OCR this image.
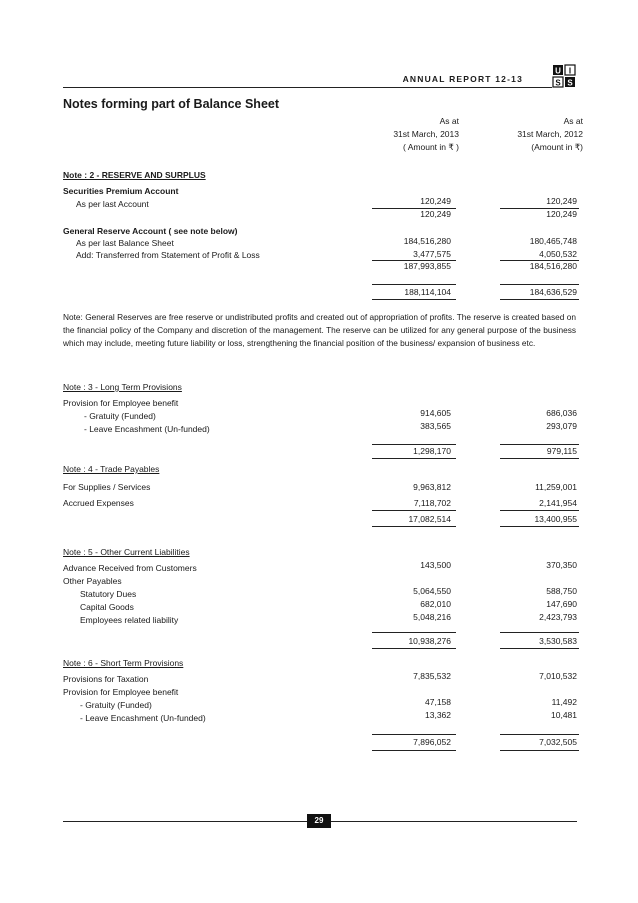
ANNUAL REPORT 12-13
U I
S S
Notes forming part of Balance Sheet
As at
31st March, 2013
( Amount in ₹ )
As at
31st March, 2012
(Amount in ₹)
Note : 2 - RESERVE AND SURPLUS
Securities Premium Account
As per last Account	120,249	120,249
120,249	120,249
General Reserve Account ( see note below)
As per last Balance Sheet	184,516,280	180,465,748
Add: Transferred from Statement of Profit & Loss	3,477,575	4,050,532
187,993,855	184,516,280
188,114,104	184,636,529
Note: General Reserves are free reserve or undistributed profits and created out of appropriation of profits. The reserve is created based on the financial policy of the Company and discretion of the management. The reserve can be utilized for any general purpose of the business which may include, meeting future liability or loss, strengthening the financial position of the business/ expansion of business etc.
Note : 3 - Long Term Provisions
Provision for Employee benefit
- Gratuity (Funded)	914,605	686,036
- Leave Encashment (Un-funded)	383,565	293,079
1,298,170	979,115
Note : 4 - Trade Payables
For Supplies / Services	9,963,812	11,259,001
Accrued Expenses	7,118,702	2,141,954
17,082,514	13,400,955
Note : 5 - Other Current Liabilities
Advance Received from Customers	143,500	370,350
Other Payables
Statutory Dues	5,064,550	588,750
Capital Goods	682,010	147,690
Employees related liability	5,048,216	2,423,793
10,938,276	3,530,583
Note : 6 - Short Term Provisions
Provisions for Taxation	7,835,532	7,010,532
Provision for Employee benefit
- Gratuity (Funded)	47,158	11,492
- Leave Encashment (Un-funded)	13,362	10,481
7,896,052	7,032,505
29
